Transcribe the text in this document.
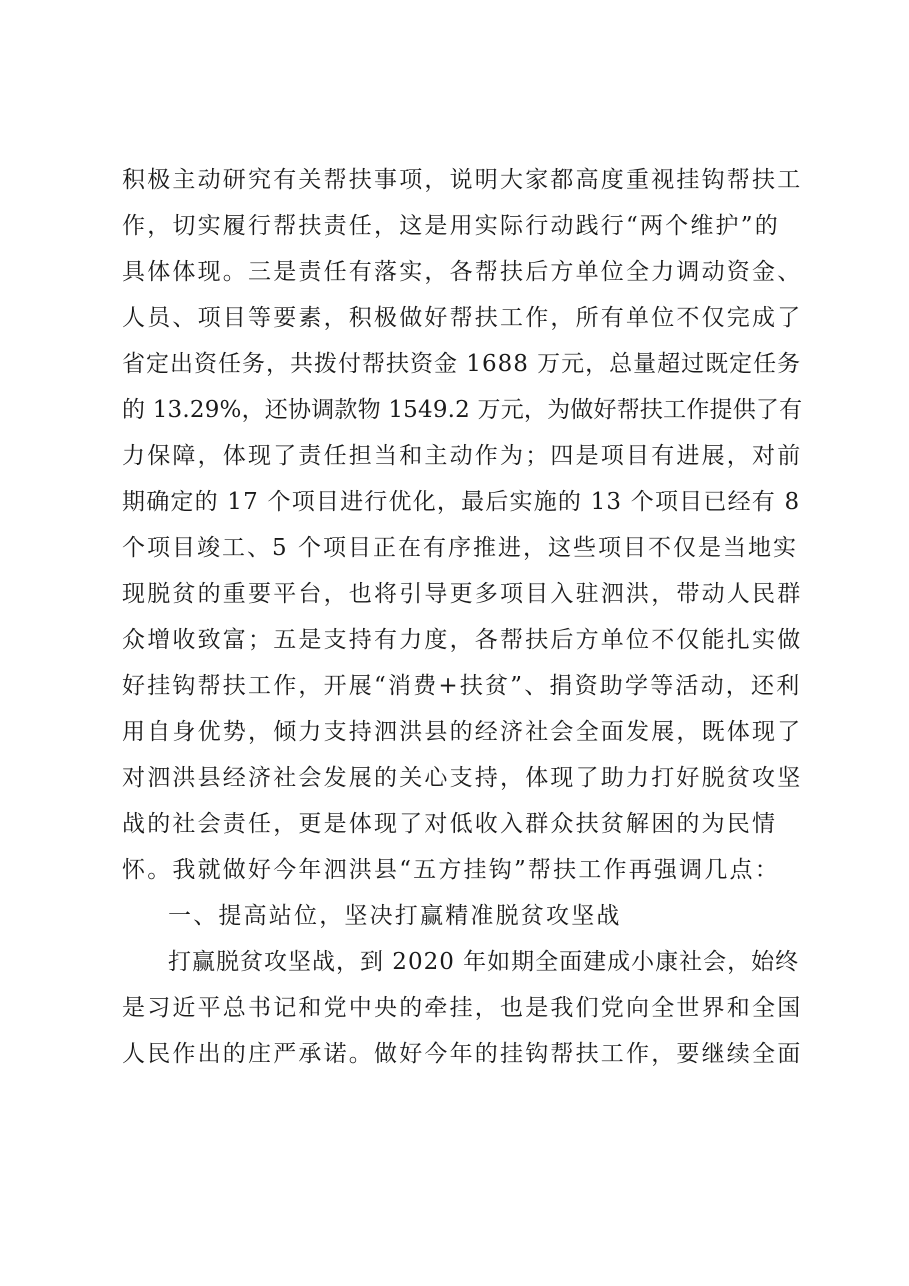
积极主动研究有关帮扶事项，说明大家都高度重视挂钩帮扶工
作，切实履行帮扶责任，这是用实际行动践行“两个维护”的
具体体现。三是责任有落实，各帮扶后方单位全力调动资金、
人员、项目等要素，积极做好帮扶工作，所有单位不仅完成了
省定出资任务，共拨付帮扶资金 1688 万元，总量超过既定任务
的 13.29%，还协调款物 1549.2 万元，为做好帮扶工作提供了有
力保障，体现了责任担当和主动作为；四是项目有进展，对前
期确定的 17 个项目进行优化，最后实施的 13 个项目已经有 8
个项目竣工、5 个项目正在有序推进，这些项目不仅是当地实
现脱贫的重要平台，也将引导更多项目入驻泗洪，带动人民群
众增收致富；五是支持有力度，各帮扶后方单位不仅能扎实做
好挂钩帮扶工作，开展“消费+扶贫”、捐资助学等活动，还利
用自身优势，倾力支持泗洪县的经济社会全面发展，既体现了
对泗洪县经济社会发展的关心支持，体现了助力打好脱贫攻坚
战的社会责任，更是体现了对低收入群众扶贫解困的为民情
怀。我就做好今年泗洪县“五方挂钩”帮扶工作再强调几点：
一、提高站位，坚决打赢精准脱贫攻坚战
打赢脱贫攻坚战，到 2020 年如期全面建成小康社会，始终
是习近平总书记和党中央的牵挂，也是我们党向全世界和全国
人民作出的庄严承诺。做好今年的挂钩帮扶工作，要继续全面
